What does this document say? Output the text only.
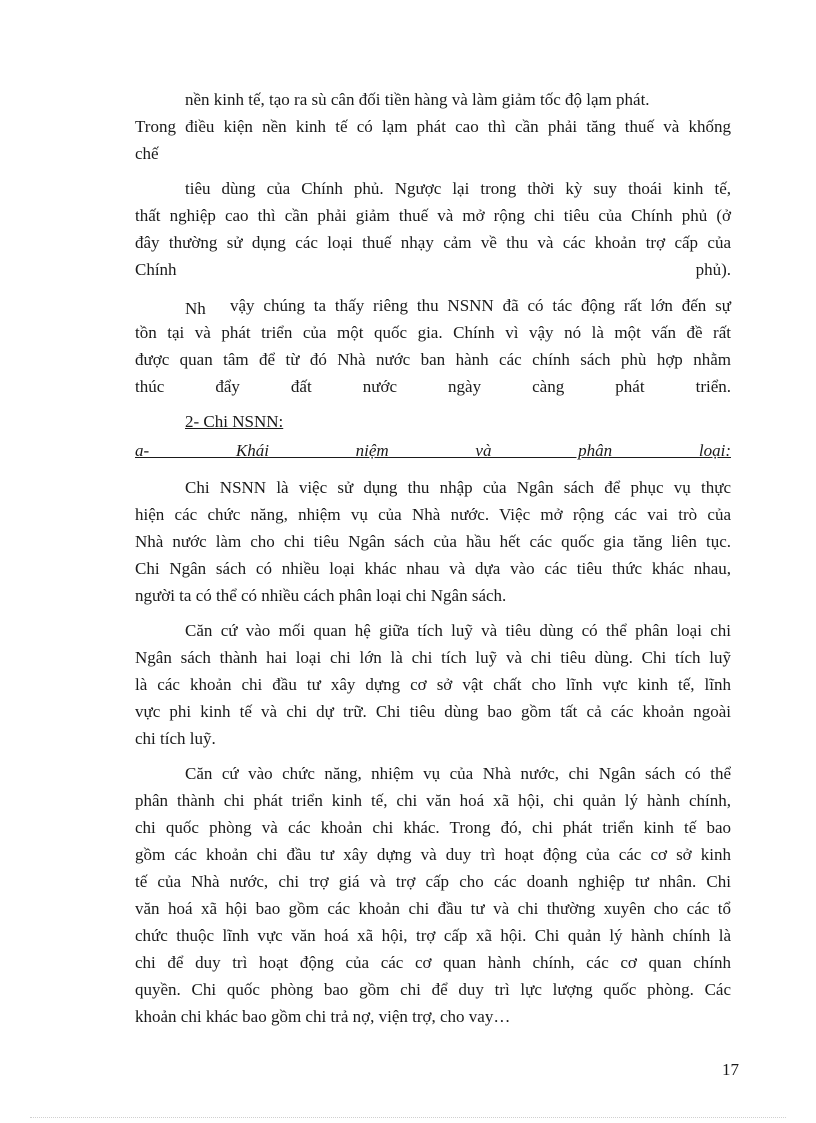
nền kinh tế, tạo ra sù cân đối tiền hàng và làm giảm tốc độ lạm phát.
Trong điều kiện nền kinh tế có lạm phát cao thì cần phải tăng thuế và khống
chế
tiêu dùng của Chính phủ. Ngược lại trong thời kỳ suy thoái kinh tế,
thất nghiệp cao thì cần phải giảm thuế và mở rộng chi tiêu của Chính phủ (ở
đây thường sử dụng các loại thuế nhạy cảm về thu và các khoản trợ cấp của
Chính phủ).
Nh	vậy chúng ta thấy riêng thu NSNN đã có tác động rất lớn đến sự
tồn tại và phát triển của một quốc gia. Chính vì vậy nó là một vấn đề rất
được quan tâm để từ đó Nhà nước ban hành các chính sách phù hợp nhằm
thúc đẩy đất nước ngày càng phát triển.
2- Chi NSNN:
a- Khái niệm và phân loại:
Chi NSNN là việc sử dụng thu nhập của Ngân sách để phục vụ thực
hiện các chức năng, nhiệm vụ của Nhà nước. Việc mở rộng các vai trò của
Nhà nước làm cho chi tiêu Ngân sách của hầu hết các quốc gia tăng liên tục.
Chi Ngân sách có nhiều loại khác nhau và dựa vào các tiêu thức khác nhau,
người ta có thể có nhiều cách phân loại chi Ngân sách.
Căn cứ vào mối quan hệ giữa tích luỹ và tiêu dùng có thể phân loại chi
Ngân sách thành hai loại chi lớn là chi tích luỹ và chi tiêu dùng. Chi tích luỹ
là các khoản chi đầu tư xây dựng cơ sở vật chất cho lĩnh vực kinh tế, lĩnh
vực phi kinh tế và chi dự trữ. Chi tiêu dùng bao gồm tất cả các khoản ngoài
chi tích luỹ.
Căn cứ vào chức năng, nhiệm vụ của Nhà nước, chi Ngân sách có thể
phân thành chi phát triển kinh tế, chi văn hoá xã hội, chi quản lý hành chính,
chi quốc phòng và các khoản chi khác. Trong đó, chi phát triển kinh tế bao
gồm các khoản chi đầu tư xây dựng và duy trì hoạt động của các cơ sở kinh
tế của Nhà nước, chi trợ giá và trợ cấp cho các doanh nghiệp tư nhân. Chi
văn hoá xã hội bao gồm các khoản chi đầu tư và chi thường xuyên cho các tổ
chức thuộc lĩnh vực văn hoá xã hội, trợ cấp xã hội. Chi quản lý hành chính là
chi để duy trì hoạt động của các cơ quan hành chính, các cơ quan chính
quyền. Chi quốc phòng bao gồm chi để duy trì lực lượng quốc phòng. Các
khoản chi khác bao gồm chi trả nợ, viện trợ, cho vay…
17
